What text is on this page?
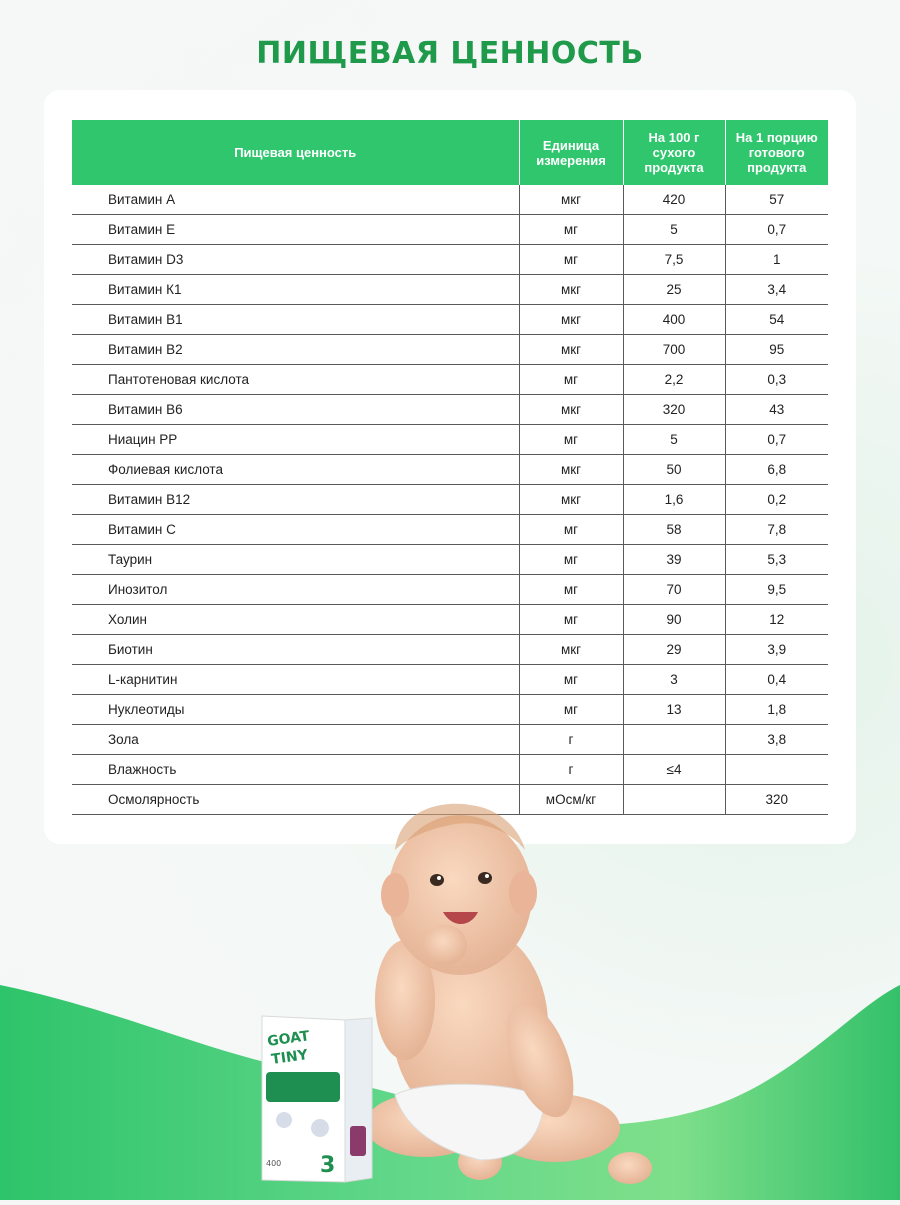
ПИЩЕВАЯ ЦЕННОСТЬ
Пищевая ценность	Единица измерения	На 100 г сухого продукта	На 1 порцию готового продукта
Витамин А	мкг	420	57
Витамин Е	мг	5	0,7
Витамин D3	мг	7,5	1
Витамин К1	мкг	25	3,4
Витамин В1	мкг	400	54
Витамин В2	мкг	700	95
Пантотеновая кислота	мг	2,2	0,3
Витамин В6	мкг	320	43
Ниацин РР	мг	5	0,7
Фолиевая кислота	мкг	50	6,8
Витамин В12	мкг	1,6	0,2
Витамин С	мг	58	7,8
Таурин	мг	39	5,3
Инозитол	мг	70	9,5
Холин	мг	90	12
Биотин	мкг	29	3,9
L-карнитин	мг	3	0,4
Нуклеотиды	мг	13	1,8
Зола	г		3,8
Влажность	г	≤4	
Осмолярность	мОсм/кг		320
GOAT
TINY
3
400
